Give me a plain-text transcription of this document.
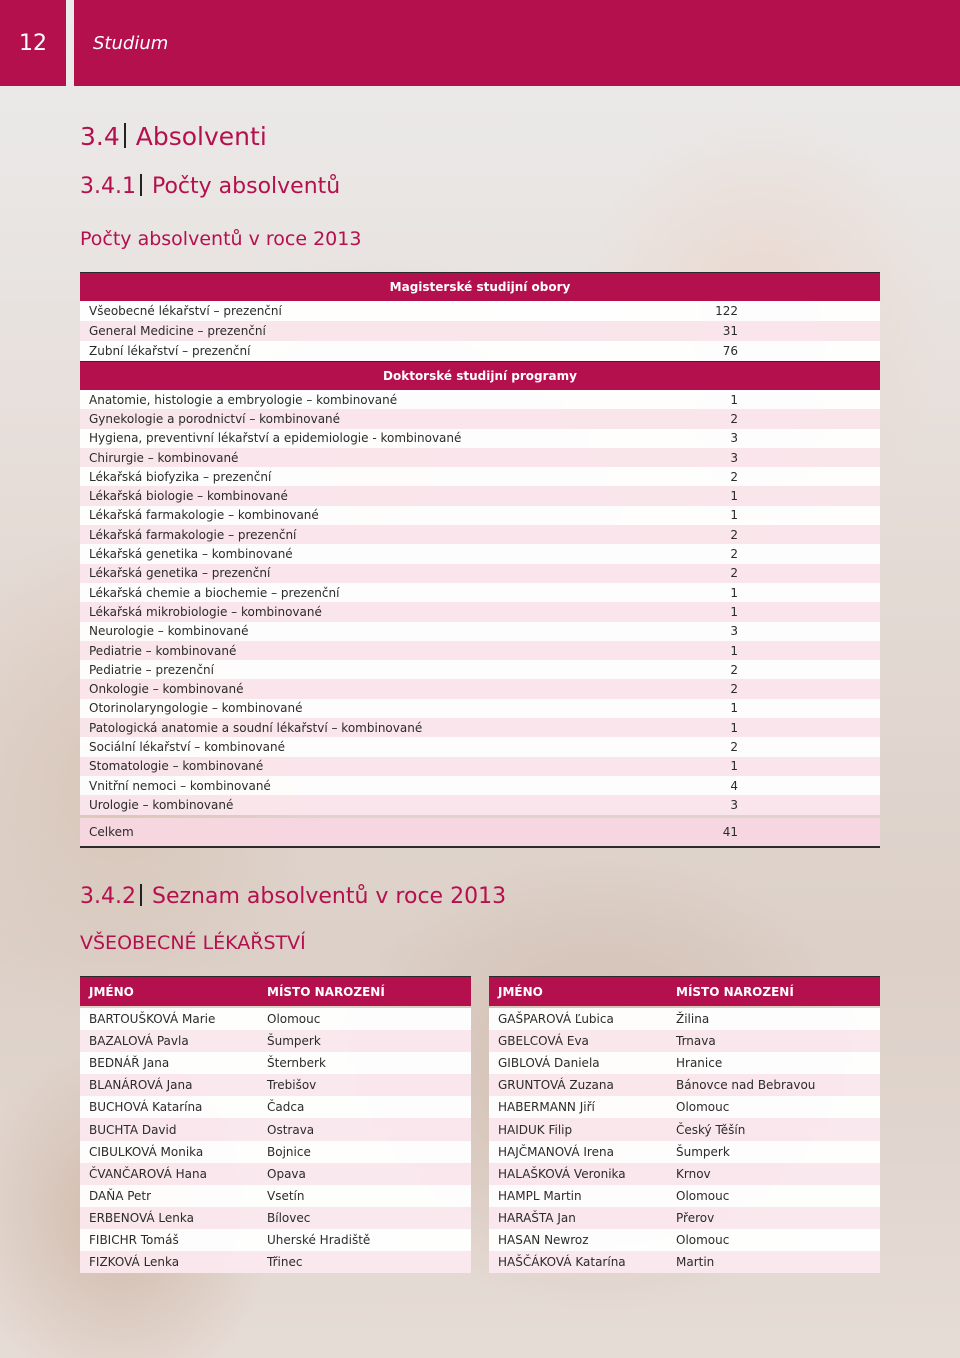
12	Studium
3.4 Absolventi
3.4.1 Počty absolventů
Počty absolventů v roce 2013
Magisterské studijní obory
Všeobecné lékařství – prezenční	122
General Medicine – prezenční	31
Zubní lékařství – prezenční	76
Doktorské studijní programy
Anatomie, histologie a embryologie – kombinované	1
Gynekologie a porodnictví – kombinované	2
Hygiena, preventivní lékařství a epidemiologie - kombinované	3
Chirurgie – kombinované	3
Lékařská biofyzika – prezenční	2
Lékařská biologie – kombinované	1
Lékařská farmakologie – kombinované	1
Lékařská farmakologie – prezenční	2
Lékařská genetika – kombinované	2
Lékařská genetika – prezenční	2
Lékařská chemie a biochemie – prezenční	1
Lékařská mikrobiologie – kombinované	1
Neurologie – kombinované	3
Pediatrie – kombinované	1
Pediatrie – prezenční	2
Onkologie – kombinované	2
Otorinolaryngologie – kombinované	1
Patologická anatomie a soudní lékařství – kombinované	1
Sociální lékařství – kombinované	2
Stomatologie – kombinované	1
Vnitřní nemoci – kombinované	4
Urologie – kombinované	3
Celkem	41
3.4.2 Seznam absolventů v roce 2013
VŠEOBECNÉ LÉKAŘSTVÍ
JMÉNO	MÍSTO NAROZENÍ
BARTOUŠKOVÁ Marie	Olomouc
BAZALOVÁ Pavla	Šumperk
BEDNÁŘ Jana	Šternberk
BLANÁROVÁ Jana	Trebišov
BUCHOVÁ Katarína	Čadca
BUCHTA David	Ostrava
CIBULKOVÁ Monika	Bojnice
ČVANČAROVÁ Hana	Opava
DAŇA Petr	Vsetín
ERBENOVÁ Lenka	Bílovec
FIBICHR Tomáš	Uherské Hradiště
FIZKOVÁ Lenka	Třinec
JMÉNO	MÍSTO NAROZENÍ
GAŠPAROVÁ Ľubica	Žilina
GBELCOVÁ Eva	Trnava
GIBLOVÁ Daniela	Hranice
GRUNTOVÁ Zuzana	Bánovce nad Bebravou
HABERMANN Jiří	Olomouc
HAIDUK Filip	Český Těšín
HAJČMANOVÁ Irena	Šumperk
HALAŠKOVÁ Veronika	Krnov
HAMPL Martin	Olomouc
HARAŠTA Jan	Přerov
HASAN Newroz	Olomouc
HAŠČÁKOVÁ Katarína	Martin
